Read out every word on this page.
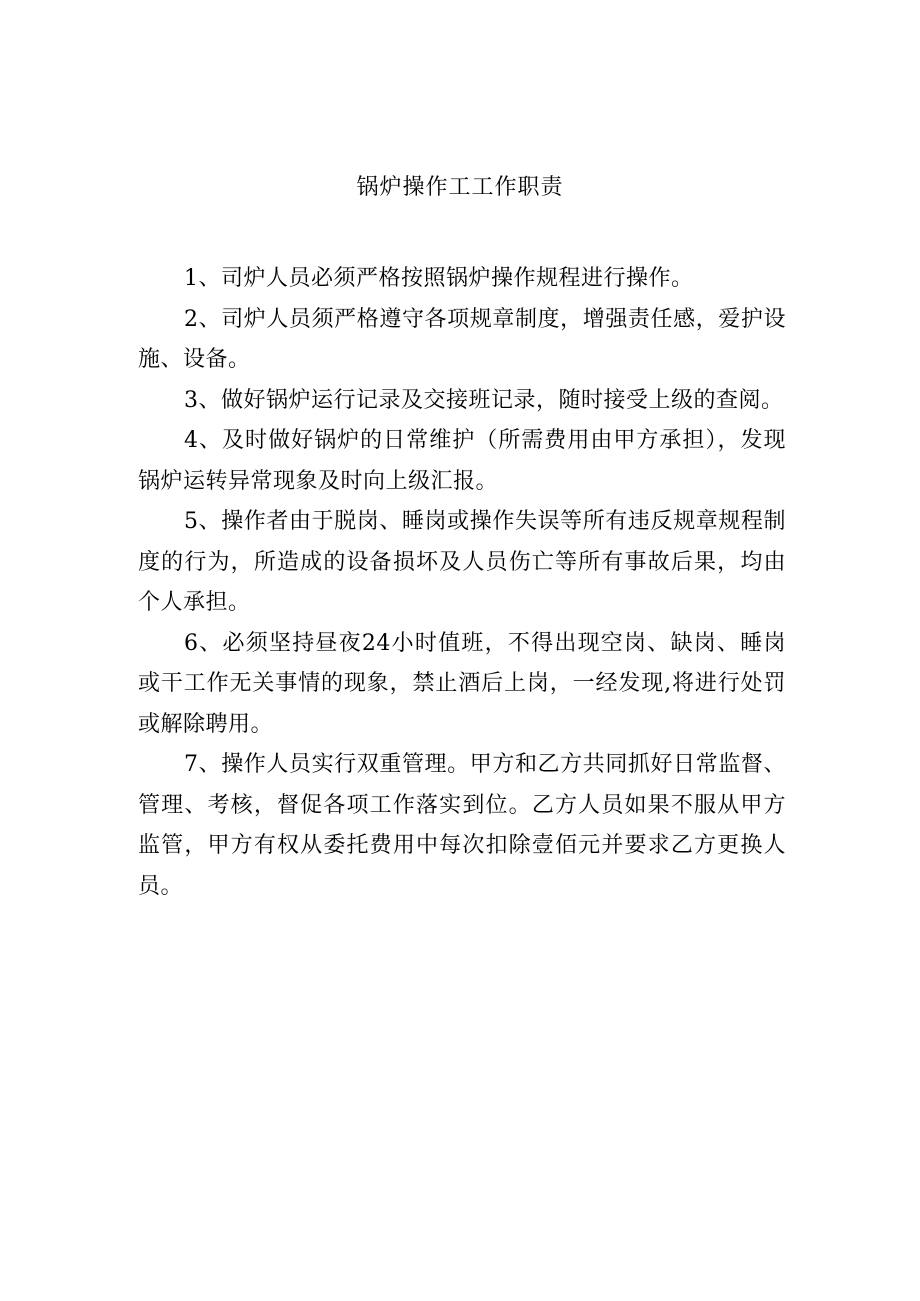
锅炉操作工工作职责

1、司炉人员必须严格按照锅炉操作规程进行操作。

2、司炉人员须严格遵守各项规章制度，增强责任感，爱护设施、设备。

3、做好锅炉运行记录及交接班记录，随时接受上级的查阅。

4、及时做好锅炉的日常维护（所需费用由甲方承担），发现锅炉运转异常现象及时向上级汇报。

5、操作者由于脱岗、睡岗或操作失误等所有违反规章规程制度的行为，所造成的设备损坏及人员伤亡等所有事故后果，均由个人承担。

6、必须坚持昼夜24小时值班，不得出现空岗、缺岗、睡岗或干工作无关事情的现象，禁止酒后上岗，一经发现,将进行处罚或解除聘用。

7、操作人员实行双重管理。甲方和乙方共同抓好日常监督、管理、考核，督促各项工作落实到位。乙方人员如果不服从甲方监管，甲方有权从委托费用中每次扣除壹佰元并要求乙方更换人员。
